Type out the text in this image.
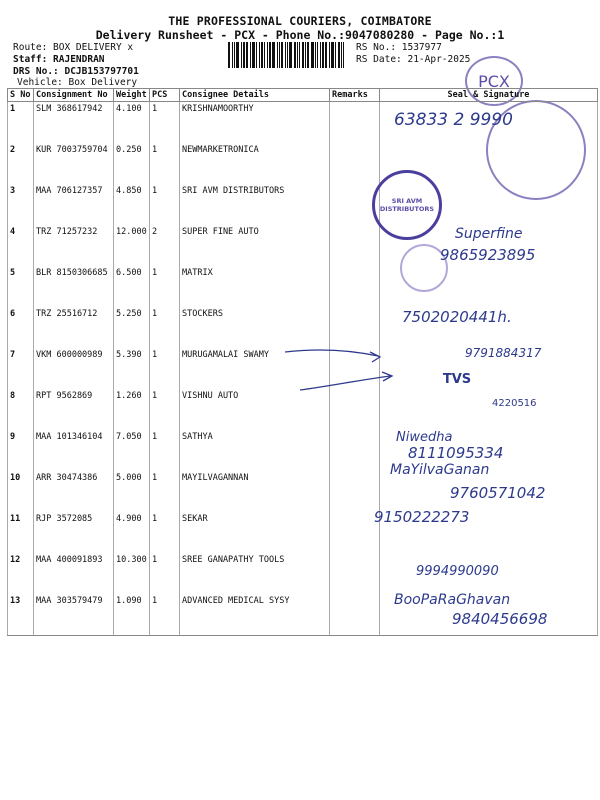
THE PROFESSIONAL COURIERS, COIMBATORE
Delivery Runsheet - PCX - Phone No.:9047080280 - Page No.:1
Route: BOX DELIVERY x
Staff: RAJENDRAN
DRS No.: DCJB153797701
Vehicle: Box Delivery
RS No.: 1537977
RS Date: 21-Apr-2025
PCX
S No	Consignment No	Weight	PCS	Consignee Details	Remarks	Seal & Signature
1	SLM 368617942	4.100	1	KRISHNAMOORTHY		
2	KUR 7003759704	0.250	1	NEWMARKETRONICA		
3	MAA 706127357	4.850	1	SRI AVM DISTRIBUTORS		
4	TRZ 71257232	12.000	2	SUPER FINE AUTO		
5	BLR 8150306685	6.500	1	MATRIX		
6	TRZ 25516712	5.250	1	STOCKERS		
7	VKM 600000989	5.390	1	MURUGAMALAI SWAMY		
8	RPT 9562869	1.260	1	VISHNU AUTO		
9	MAA 101346104	7.050	1	SATHYA		
10	ARR 30474386	5.000	1	MAYILVAGANNAN		
11	RJP 3572085	4.900	1	SEKAR		
12	MAA 400091893	10.300	1	SREE GANAPATHY TOOLS		
13	MAA 303579479	1.090	1	ADVANCED MEDICAL SYSY		
SRI AVM DISTRIBUTORS
TVS
63833 2 9990
Superfine
9865923895
7502020441h.
9791884317
4220516
Niwedha
8111095334
MaYilvaGanan
9760571042
9150222273
9994990090
BooPaRaGhavan
9840456698
